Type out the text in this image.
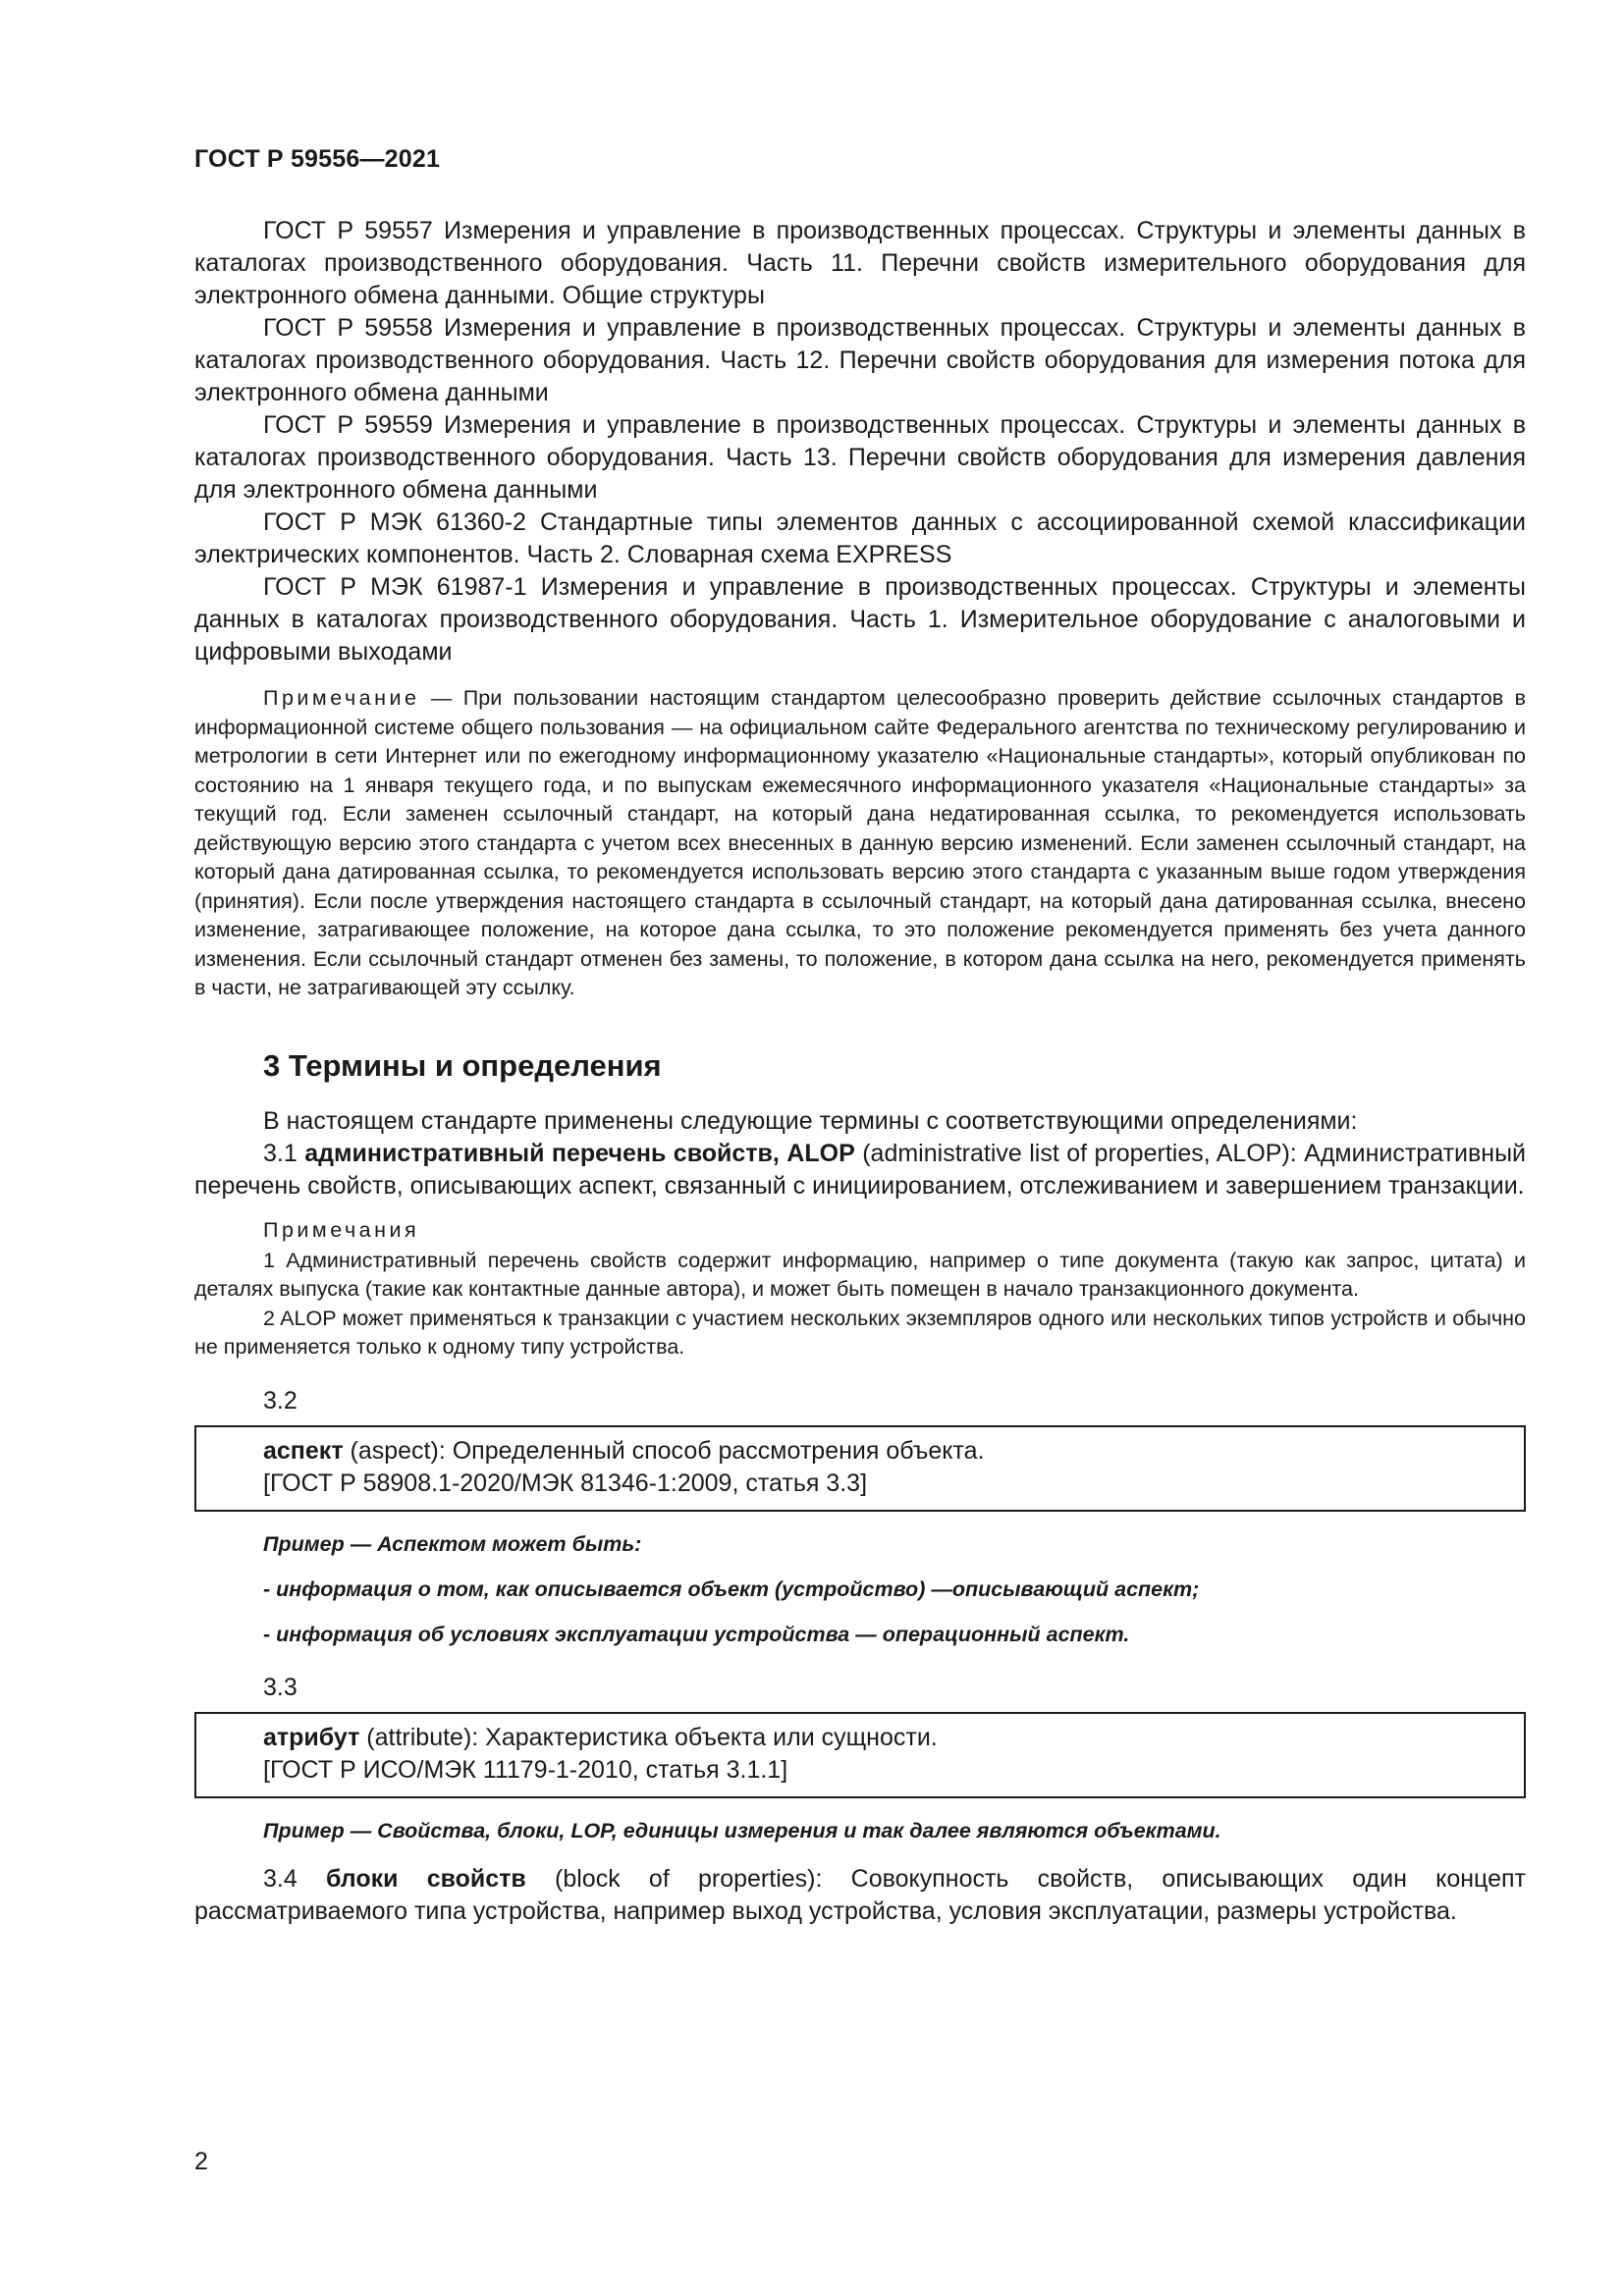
ГОСТ Р 59556—2021

ГОСТ Р 59557 Измерения и управление в производственных процессах. Структуры и элементы данных в каталогах производственного оборудования. Часть 11. Перечни свойств измерительного оборудования для электронного обмена данными. Общие структуры

ГОСТ Р 59558 Измерения и управление в производственных процессах. Структуры и элементы данных в каталогах производственного оборудования. Часть 12. Перечни свойств оборудования для измерения потока для электронного обмена данными

ГОСТ Р 59559 Измерения и управление в производственных процессах. Структуры и элементы данных в каталогах производственного оборудования. Часть 13. Перечни свойств оборудования для измерения давления для электронного обмена данными

ГОСТ Р МЭК 61360-2 Стандартные типы элементов данных с ассоциированной схемой классификации электрических компонентов. Часть 2. Словарная схема EXPRESS

ГОСТ Р МЭК 61987-1 Измерения и управление в производственных процессах. Структуры и элементы данных в каталогах производственного оборудования. Часть 1. Измерительное оборудование с аналоговыми и цифровыми выходами

Примечание — При пользовании настоящим стандартом целесообразно проверить действие ссылочных стандартов в информационной системе общего пользования — на официальном сайте Федерального агентства по техническому регулированию и метрологии в сети Интернет или по ежегодному информационному указателю «Национальные стандарты», который опубликован по состоянию на 1 января текущего года, и по выпускам ежемесячного информационного указателя «Национальные стандарты» за текущий год. Если заменен ссылочный стандарт, на который дана недатированная ссылка, то рекомендуется использовать действующую версию этого стандарта с учетом всех внесенных в данную версию изменений. Если заменен ссылочный стандарт, на который дана датированная ссылка, то рекомендуется использовать версию этого стандарта с указанным выше годом утверждения (принятия). Если после утверждения настоящего стандарта в ссылочный стандарт, на который дана датированная ссылка, внесено изменение, затрагивающее положение, на которое дана ссылка, то это положение рекомендуется применять без учета данного изменения. Если ссылочный стандарт отменен без замены, то положение, в котором дана ссылка на него, рекомендуется применять в части, не затрагивающей эту ссылку.

3 Термины и определения

В настоящем стандарте применены следующие термины с соответствующими определениями:

3.1 административный перечень свойств, ALOP (administrative list of properties, ALOP): Административный перечень свойств, описывающих аспект, связанный с инициированием, отслеживанием и завершением транзакции.

Примечания

1 Административный перечень свойств содержит информацию, например о типе документа (такую как запрос, цитата) и деталях выпуска (такие как контактные данные автора), и может быть помещен в начало транзакционного документа.

2 ALOP может применяться к транзакции с участием нескольких экземпляров одного или нескольких типов устройств и обычно не применяется только к одному типу устройства.

3.2
аспект (aspect): Определенный способ рассмотрения объекта.
[ГОСТ Р 58908.1-2020/МЭК 81346-1:2009, статья 3.3]
Пример — Аспектом может быть:
- информация о том, как описывается объект (устройство) —описывающий аспект;
- информация об условиях эксплуатации устройства — операционный аспект.
3.3
атрибут (attribute): Характеристика объекта или сущности.
[ГОСТ Р ИСО/МЭК 11179-1-2010, статья 3.1.1]
Пример — Свойства, блоки, LOP, единицы измерения и так далее являются объектами.

3.4 блоки свойств (block of properties): Совокупность свойств, описывающих один концепт рассматриваемого типа устройства, например выход устройства, условия эксплуатации, размеры устройства.

2
